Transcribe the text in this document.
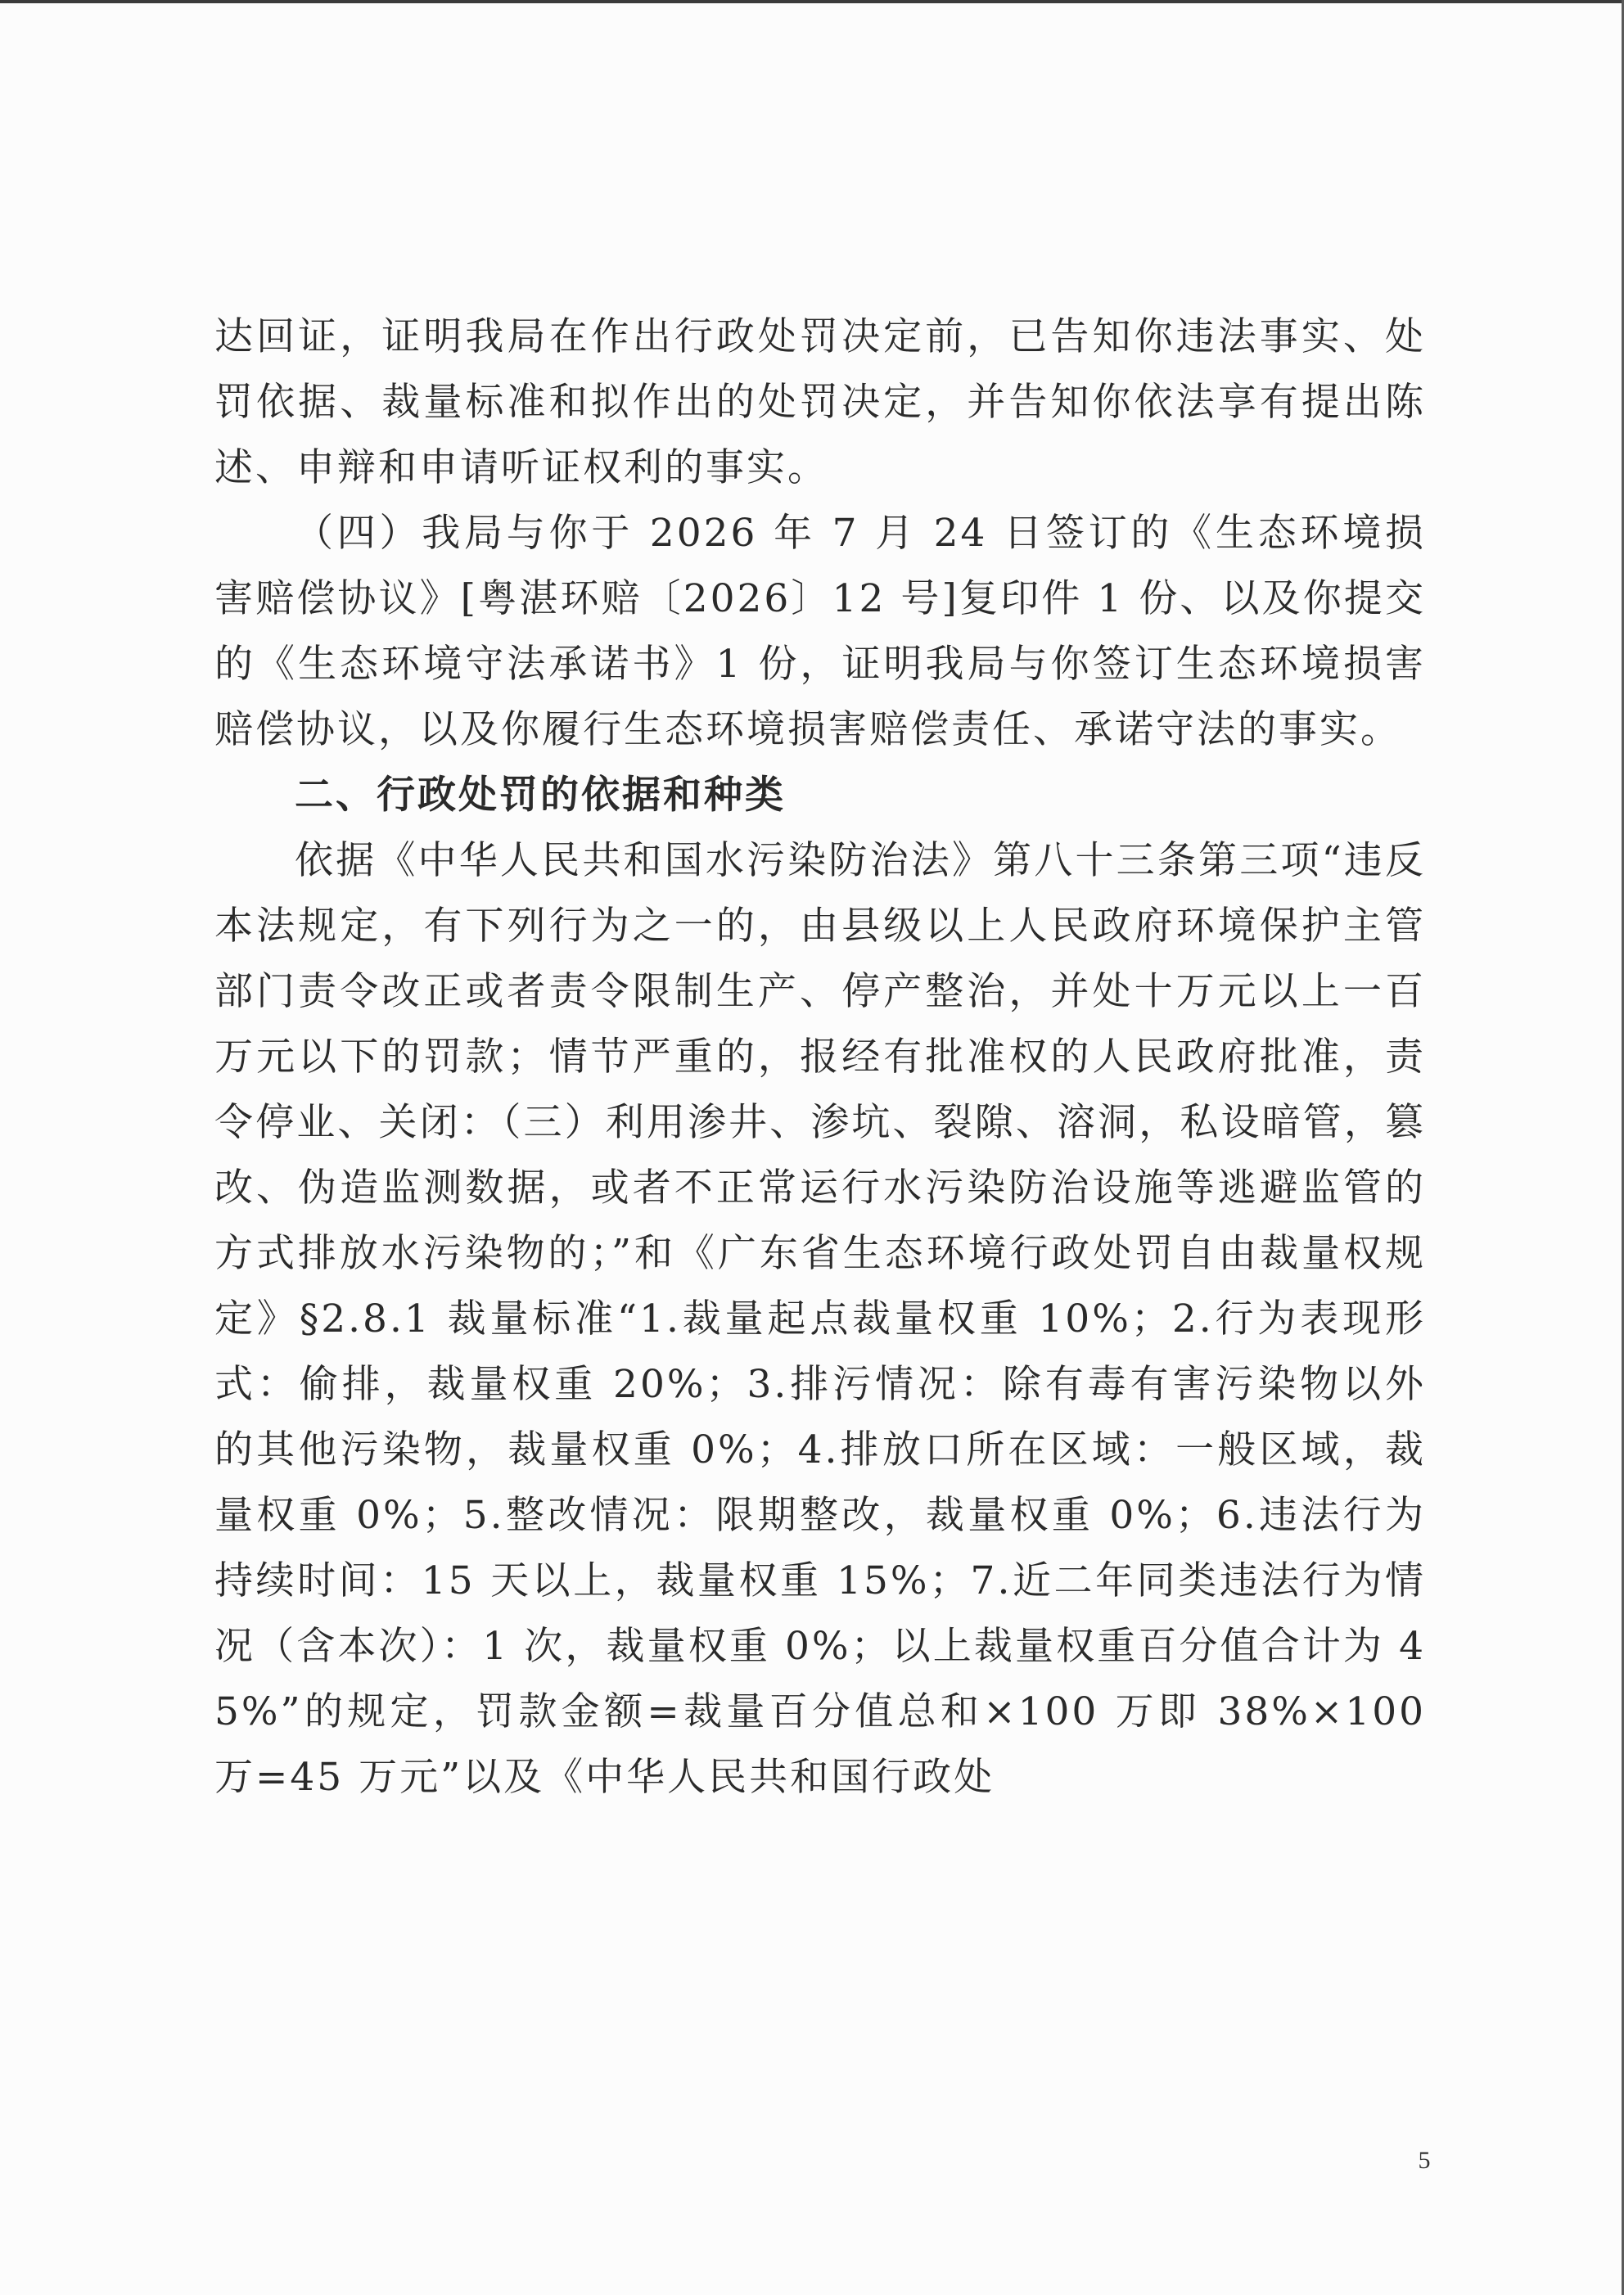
达回证，证明我局在作出行政处罚决定前，已告知你违法事实、处罚依据、裁量标准和拟作出的处罚决定，并告知你依法享有提出陈述、申辩和申请听证权利的事实。

（四）我局与你于 2026 年 7 月 24 日签订的《生态环境损害赔偿协议》[粤湛环赔〔2026〕12 号]复印件 1 份、以及你提交的《生态环境守法承诺书》1 份，证明我局与你签订生态环境损害赔偿协议，以及你履行生态环境损害赔偿责任、承诺守法的事实。

二、行政处罚的依据和种类

依据《中华人民共和国水污染防治法》第八十三条第三项“违反本法规定，有下列行为之一的，由县级以上人民政府环境保护主管部门责令改正或者责令限制生产、停产整治，并处十万元以上一百万元以下的罚款；情节严重的，报经有批准权的人民政府批准，责令停业、关闭：（三）利用渗井、渗坑、裂隙、溶洞，私设暗管，篡改、伪造监测数据，或者不正常运行水污染防治设施等逃避监管的方式排放水污染物的；”和《广东省生态环境行政处罚自由裁量权规定》§2.8.1 裁量标准“1.裁量起点裁量权重 10%；2.行为表现形式：偷排，裁量权重 20%；3.排污情况：除有毒有害污染物以外的其他污染物，裁量权重 0%；4.排放口所在区域：一般区域，裁量权重 0%；5.整改情况：限期整改，裁量权重 0%；6.违法行为持续时间：15 天以上，裁量权重 15%；7.近二年同类违法行为情况（含本次）：1 次，裁量权重 0%；以上裁量权重百分值合计为 45%”的规定，罚款金额=裁量百分值总和×100 万即 38%×100 万=45 万元”以及《中华人民共和国行政处

5
